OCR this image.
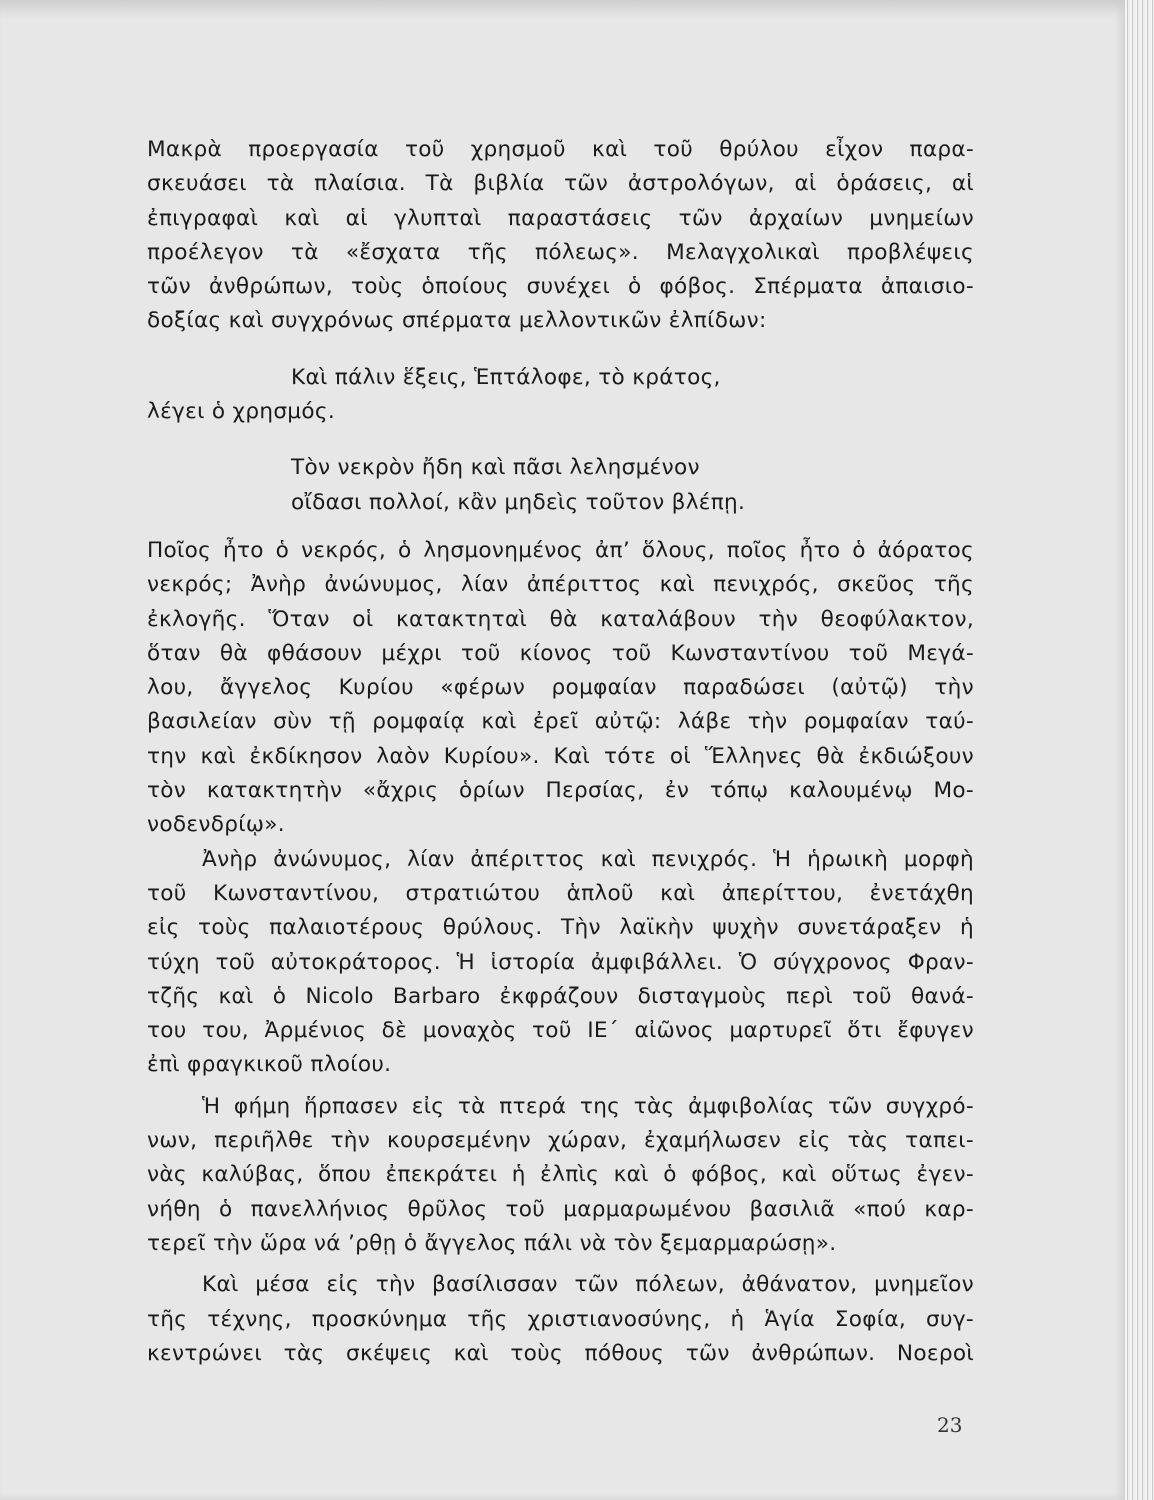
Μακρὰ προεργασία τοῦ χρησμοῦ καὶ τοῦ θρύλου εἶχον παρα-
σκευάσει τὰ πλαίσια. Τὰ βιβλία τῶν ἀστρολόγων, αἱ ὁράσεις, αἱ
ἐπιγραφαὶ καὶ αἱ γλυπταὶ παραστάσεις τῶν ἀρχαίων μνημείων
προέλεγον τὰ «ἔσχατα τῆς πόλεως». Μελαγχολικαὶ προβλέψεις
τῶν ἀνθρώπων, τοὺς ὁποίους συνέχει ὁ φόβος. Σπέρματα ἀπαισιο-
δοξίας καὶ συγχρόνως σπέρματα μελλοντικῶν ἐλπίδων:
Καὶ πάλιν ἕξεις, Ἑπτάλοφε, τὸ κράτος,
λέγει ὁ χρησμός.
Τὸν νεκρὸν ἤδη καὶ πᾶσι λελησμένον
οἴδασι πολλοί, κἂν μηδεὶς τοῦτον βλέπῃ.
Ποῖος ἦτο ὁ νεκρός, ὁ λησμονημένος ἀπ’ ὅλους, ποῖος ἦτο ὁ ἀόρατος
νεκρός; Ἀνὴρ ἀνώνυμος, λίαν ἀπέριττος καὶ πενιχρός, σκεῦος τῆς
ἐκλογῆς. Ὅταν οἱ κατακτηταὶ θὰ καταλάβουν τὴν θεοφύλακτον,
ὅταν θὰ φθάσουν μέχρι τοῦ κίονος τοῦ Κωνσταντίνου τοῦ Μεγά-
λου, ἄγγελος Κυρίου «φέρων ρομφαίαν παραδώσει (αὐτῷ) τὴν
βασιλείαν σὺν τῇ ρομφαίᾳ καὶ ἐρεῖ αὐτῷ: λάβε τὴν ρομφαίαν ταύ-
την καὶ ἐκδίκησον λαὸν Κυρίου». Καὶ τότε οἱ Ἕλληνες θὰ ἐκδιώξουν
τὸν κατακτητὴν «ἄχρις ὁρίων Περσίας, ἐν τόπῳ καλουμένῳ Μο-
νοδενδρίῳ».
Ἀνὴρ ἀνώνυμος, λίαν ἀπέριττος καὶ πενιχρός. Ἡ ἡρωικὴ μορφὴ
τοῦ Κωνσταντίνου, στρατιώτου ἁπλοῦ καὶ ἀπερίττου, ἐνετάχθη
εἰς τοὺς παλαιοτέρους θρύλους. Τὴν λαϊκὴν ψυχὴν συνετάραξεν ἡ
τύχη τοῦ αὐτοκράτορος. Ἡ ἱστορία ἀμφιβάλλει. Ὁ σύγχρονος Φραν-
τζῆς καὶ ὁ Nicolo Barbaro ἐκφράζουν δισταγμοὺς περὶ τοῦ θανά-
του του, Ἀρμένιος δὲ μοναχὸς τοῦ ΙΕ΄ αἰῶνος μαρτυρεῖ ὅτι ἔφυγεν
ἐπὶ φραγκικοῦ πλοίου.
Ἡ φήμη ἥρπασεν εἰς τὰ πτερά της τὰς ἀμφιβολίας τῶν συγχρό-
νων, περιῆλθε τὴν κουρσεμένην χώραν, ἐχαμήλωσεν εἰς τὰς ταπει-
νὰς καλύβας, ὅπου ἐπεκράτει ἡ ἐλπὶς καὶ ὁ φόβος, καὶ οὕτως ἐγεν-
νήθη ὁ πανελλήνιος θρῦλος τοῦ μαρμαρωμένου βασιλιᾶ «πού καρ-
τερεῖ τὴν ὥρα νά ’ρθῃ ὁ ἄγγελος πάλι νὰ τὸν ξεμαρμαρώσῃ».
Καὶ μέσα εἰς τὴν βασίλισσαν τῶν πόλεων, ἀθάνατον, μνημεῖον
τῆς τέχνης, προσκύνημα τῆς χριστιανοσύνης, ἡ Ἁγία Σοφία, συγ-
κεντρώνει τὰς σκέψεις καὶ τοὺς πόθους τῶν ἀνθρώπων. Νοεροὶ
23
